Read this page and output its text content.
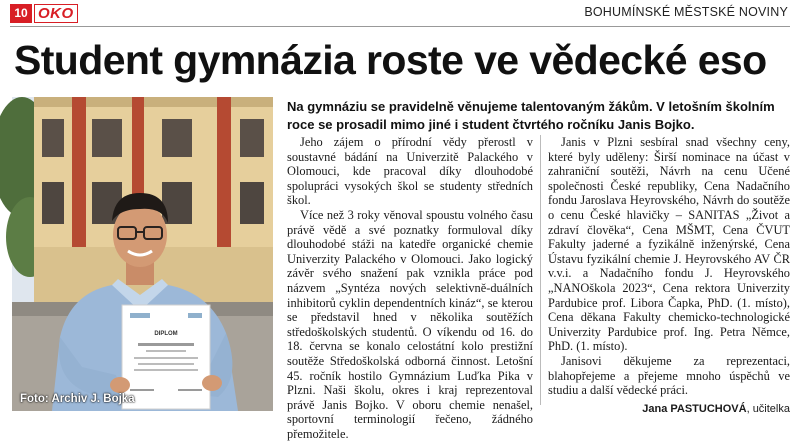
10 OKO	BOHUMÍNSKÉ MĚSTSKÉ NOVINY
Student gymnázia roste ve vědecké eso
DIPLOM
Foto: Archiv J. Bojka
Na gymnáziu se pravidelně věnujeme talentovaným žákům. V letošním školním roce se prosadil mimo jiné i student čtvrtého ročníku Janis Bojko.

Jeho zájem o přírodní vědy přerostl v soustavné bádání na Univerzitě Palackého v Olomouci, kde pracoval díky dlouhodobé spolupráci vysokých škol se studenty středních škol.

Více než 3 roky věnoval spoustu volného času právě vědě a své poznatky formuloval díky dlouhodobé stáži na katedře organické chemie Univerzity Palackého v Olomouci. Jako logický závěr svého snažení pak vznikla práce pod názvem „Syntéza nových selektivně-duálních inhibitorů cyklin dependentních kináz“, se kterou se představil hned v několika soutěžích středoškolských studentů. O víkendu od 16. do 18. června se konalo celostátní kolo prestižní soutěže Středoškolská odborná činnost. Letošní 45. ročník hostilo Gymnázium Luďka Pika v Plzni. Naši školu, okres i kraj reprezentoval právě Janis Bojko. V oboru chemie nenašel, sportovní terminologií řečeno, žádného přemožitele.

Janis v Plzni sesbíral snad všechny ceny, které byly uděleny: Širší nominace na účast v zahraniční soutěži, Návrh na cenu Učené společnosti České republiky, Cena Nadačního fondu Jaroslava Heyrovského, Návrh do soutěže o cenu České hlavičky – SANITAS „Život a zdraví člověka“, Cena MŠMT, Cena ČVUT Fakulty jaderné a fyzikálně inženýrské, Cena Ústavu fyzikální chemie J. Heyrovského AV ČR v.v.i. a Nadačního fondu J. Heyrovského „NANOškola 2023“, Cena rektora Univerzity Pardubice prof. Libora Čapka, PhD. (1. místo), Cena děkana Fakulty chemicko-technologické Univerzity Pardubice prof. Ing. Petra Němce, PhD. (1. místo).

Janisovi děkujeme za reprezentaci, blahopřejeme a přejeme mnoho úspěchů ve studiu a další vědecké práci.

Jana PASTUCHOVÁ, učitelka
